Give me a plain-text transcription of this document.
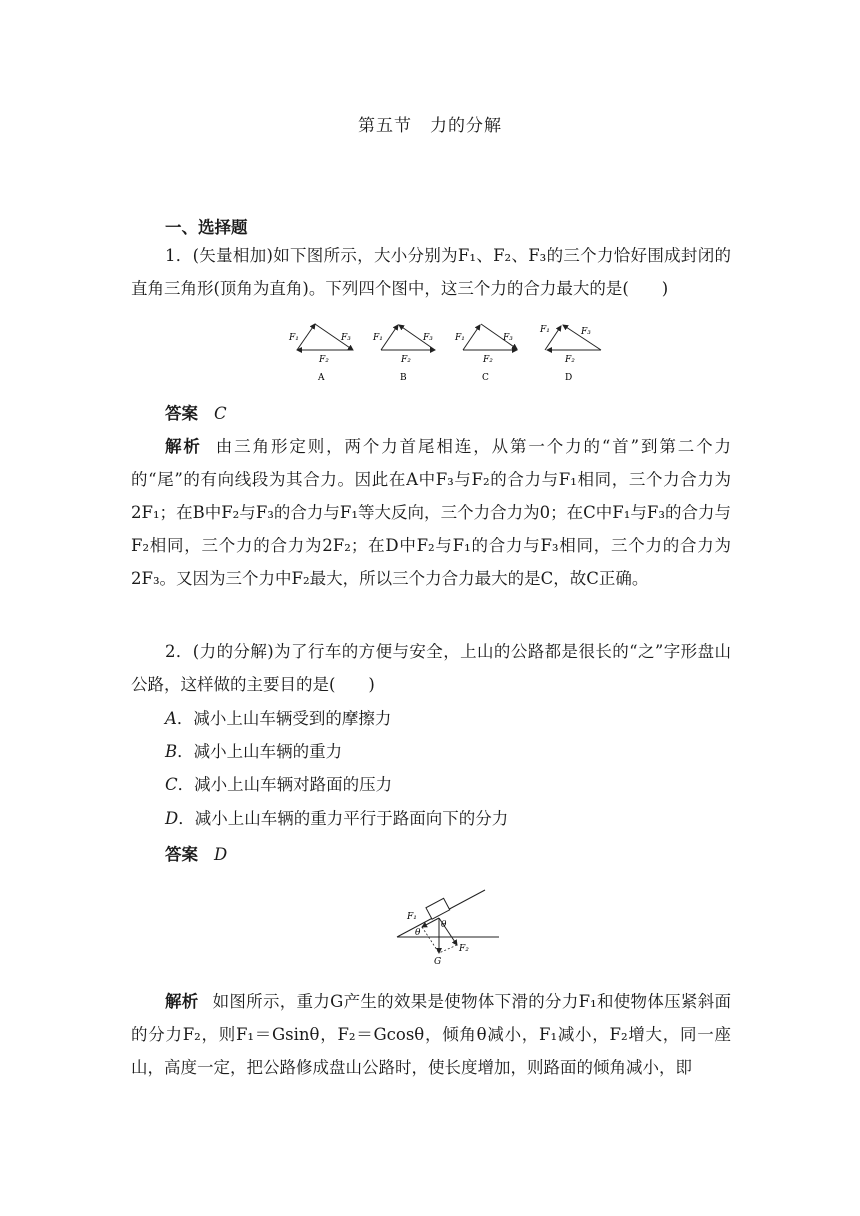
第五节　力的分解
一、选择题

1．(矢量相加)如下图所示，大小分别为F₁、F₂、F₃的三个力恰好围成封闭的直角三角形(顶角为直角)。下列四个图中，这三个力的合力最大的是(　　)

F₁	F₃
F₂
A
F₁	F₃
F₂
B
F₁	F₃
F₂
C
F₁	F₃
F₂
D
答案 C

解析 由三角形定则，两个力首尾相连，从第一个力的“首”到第二个力的“尾”的有向线段为其合力。因此在A中F₃与F₂的合力与F₁相同，三个力合力为2F₁；在B中F₂与F₃的合力与F₁等大反向，三个力合力为0；在C中F₁与F₃的合力与F₂相同，三个力的合力为2F₂；在D中F₂与F₁的合力与F₃相同，三个力的合力为2F₃。又因为三个力中F₂最大，所以三个力合力最大的是C，故C正确。

2．(力的分解)为了行车的方便与安全，上山的公路都是很长的“之”字形盘山公路，这样做的主要目的是(　　)

A．减小上山车辆受到的摩擦力
B．减小上山车辆的重力
C．减小上山车辆对路面的压力
D．减小上山车辆的重力平行于路面向下的分力
答案 D
F₁
F₂
G
θ
θ

解析 如图所示，重力G产生的效果是使物体下滑的分力F₁和使物体压紧斜面的分力F₂，则F₁＝Gsinθ，F₂＝Gcosθ，倾角θ减小，F₁减小，F₂增大，同一座山，高度一定，把公路修成盘山公路时，使长度增加，则路面的倾角减小，即
